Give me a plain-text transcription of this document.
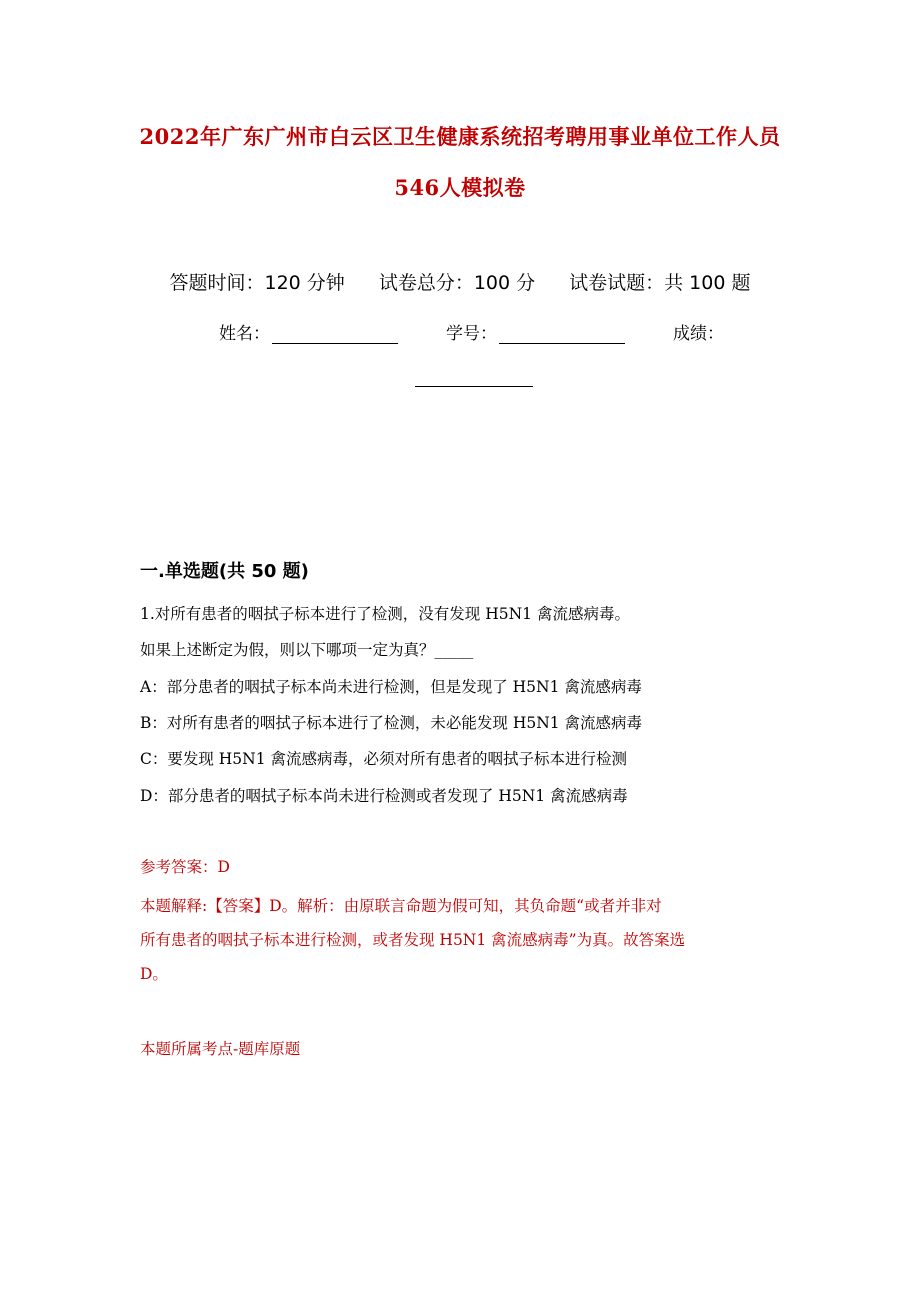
2022年广东广州市白云区卫生健康系统招考聘用事业单位工作人员
546人模拟卷
答题时间：120 分钟 试卷总分：100 分 试卷试题：共 100 题
姓名：	学号：	成绩：
一.单选题(共 50 题)
1.对所有患者的咽拭子标本进行了检测，没有发现 H5N1 禽流感病毒。
如果上述断定为假，则以下哪项一定为真？_____
A：部分患者的咽拭子标本尚未进行检测，但是发现了 H5N1 禽流感病毒
B：对所有患者的咽拭子标本进行了检测，未必能发现 H5N1 禽流感病毒
C：要发现 H5N1 禽流感病毒，必须对所有患者的咽拭子标本进行检测
D：部分患者的咽拭子标本尚未进行检测或者发现了 H5N1 禽流感病毒
参考答案：D
本题解释:【答案】D。解析：由原联言命题为假可知，其负命题“或者并非对
所有患者的咽拭子标本进行检测，或者发现 H5N1 禽流感病毒”为真。故答案选
D。
本题所属考点-题库原题
